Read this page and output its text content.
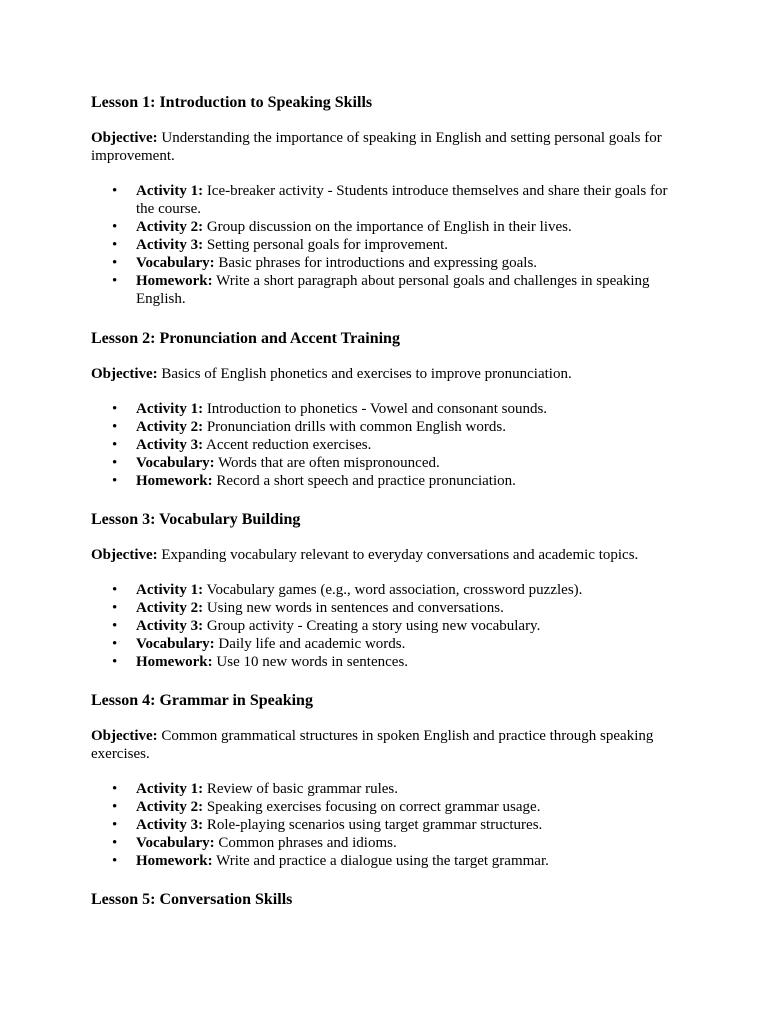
Lesson 1: Introduction to Speaking Skills

Objective: Understanding the importance of speaking in English and setting personal goals for improvement.

• Activity 1: Ice-breaker activity - Students introduce themselves and share their goals for the course.
• Activity 2: Group discussion on the importance of English in their lives.
• Activity 3: Setting personal goals for improvement.
• Vocabulary: Basic phrases for introductions and expressing goals.
• Homework: Write a short paragraph about personal goals and challenges in speaking English.
Lesson 2: Pronunciation and Accent Training

Objective: Basics of English phonetics and exercises to improve pronunciation.

• Activity 1: Introduction to phonetics - Vowel and consonant sounds.
• Activity 2: Pronunciation drills with common English words.
• Activity 3: Accent reduction exercises.
• Vocabulary: Words that are often mispronounced.
• Homework: Record a short speech and practice pronunciation.
Lesson 3: Vocabulary Building

Objective: Expanding vocabulary relevant to everyday conversations and academic topics.

• Activity 1: Vocabulary games (e.g., word association, crossword puzzles).
• Activity 2: Using new words in sentences and conversations.
• Activity 3: Group activity - Creating a story using new vocabulary.
• Vocabulary: Daily life and academic words.
• Homework: Use 10 new words in sentences.
Lesson 4: Grammar in Speaking

Objective: Common grammatical structures in spoken English and practice through speaking exercises.

• Activity 1: Review of basic grammar rules.
• Activity 2: Speaking exercises focusing on correct grammar usage.
• Activity 3: Role-playing scenarios using target grammar structures.
• Vocabulary: Common phrases and idioms.
• Homework: Write and practice a dialogue using the target grammar.
Lesson 5: Conversation Skills
